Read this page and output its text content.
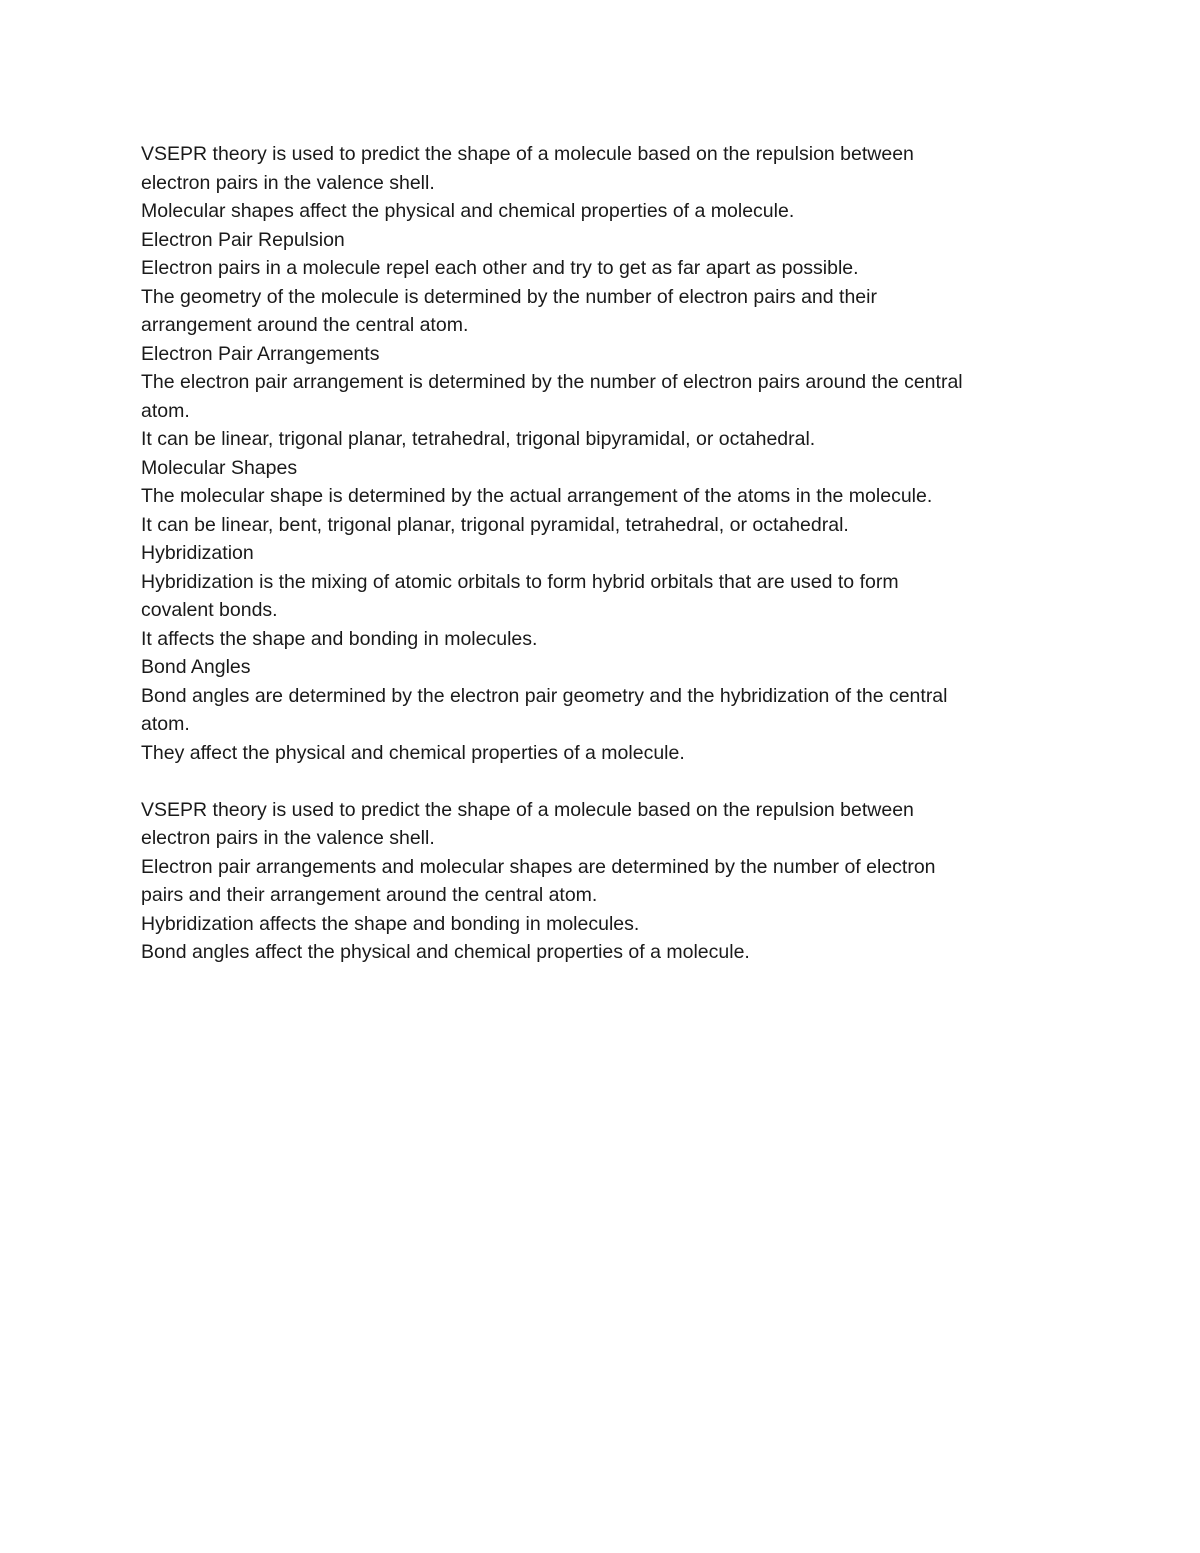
VSEPR theory is used to predict the shape of a molecule based on the repulsion between

electron pairs in the valence shell.

Molecular shapes affect the physical and chemical properties of a molecule.

Electron Pair Repulsion

Electron pairs in a molecule repel each other and try to get as far apart as possible.

The geometry of the molecule is determined by the number of electron pairs and their

arrangement around the central atom.

Electron Pair Arrangements

The electron pair arrangement is determined by the number of electron pairs around the central

atom.

It can be linear, trigonal planar, tetrahedral, trigonal bipyramidal, or octahedral.

Molecular Shapes

The molecular shape is determined by the actual arrangement of the atoms in the molecule.

It can be linear, bent, trigonal planar, trigonal pyramidal, tetrahedral, or octahedral.

Hybridization

Hybridization is the mixing of atomic orbitals to form hybrid orbitals that are used to form

covalent bonds.

It affects the shape and bonding in molecules.

Bond Angles

Bond angles are determined by the electron pair geometry and the hybridization of the central

atom.

They affect the physical and chemical properties of a molecule.

VSEPR theory is used to predict the shape of a molecule based on the repulsion between

electron pairs in the valence shell.

Electron pair arrangements and molecular shapes are determined by the number of electron

pairs and their arrangement around the central atom.

Hybridization affects the shape and bonding in molecules.

Bond angles affect the physical and chemical properties of a molecule.
